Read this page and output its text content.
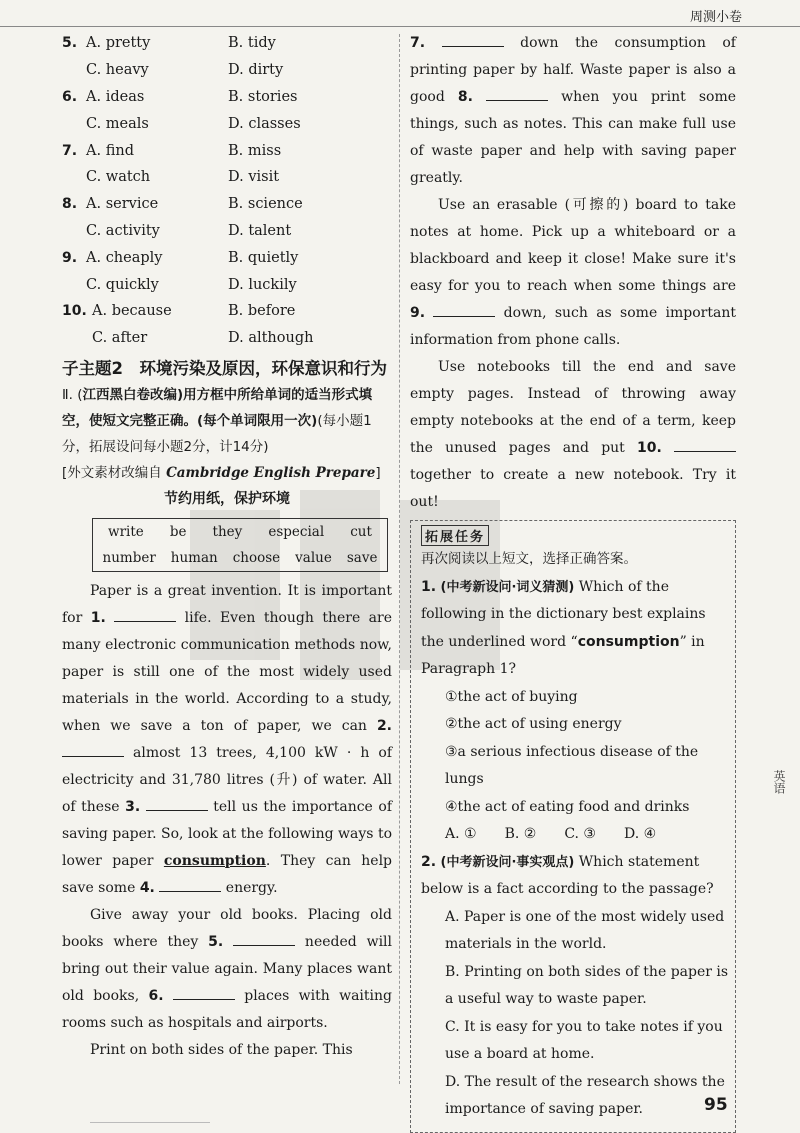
周测小卷
5. A. pretty	B. tidy
C. heavy	D. dirty
6. A. ideas	B. stories
C. meals	D. classes
7. A. find	B. miss
C. watch	D. visit
8. A. service	B. science
C. activity	D. talent
9. A. cheaply	B. quietly
C. quickly	D. luckily
10. A. because	B. before
C. after	D. although
子主题2　环境污染及原因，环保意识和行为
Ⅱ. (江西黑白卷改编)用方框中所给单词的适当形式填空，使短文完整正确。(每个单词限用一次)(每小题1分，拓展设问每小题2分，计14分)
[外文素材改编自 Cambridge English Prepare]
节约用纸，保护环境
write be they especial cut
number human choose value save
Paper is a great invention. It is important for 1.	life. Even though there are many electronic communication methods now, paper is still one of the most widely used materials in the world. According to a study, when we save a ton of paper, we can 2.  almost 13 trees, 4,100 kW · h of electricity and 31,780 litres (升) of water. All of these 3.	tell us the importance of saving paper. So, look at the following ways to lower paper consumption. They can help save some 4.	energy.
Give away your old books. Placing old books where they 5.	needed will bring out their value again. Many places want old books, 6.	places with waiting rooms such as hospitals and airports.
Print on both sides of the paper. This
7.	down the consumption of printing paper by half. Waste paper is also a good 8.	when you print some things, such as notes. This can make full use of waste paper and help with saving paper greatly.
Use an erasable (可擦的) board to take notes at home. Pick up a whiteboard or a blackboard and keep it close! Make sure it's easy for you to reach when some things are 9.	down, such as some important information from phone calls.
Use notebooks till the end and save empty pages. Instead of throwing away empty notebooks at the end of a term, keep the unused pages and put 10.  together to create a new notebook. Try it out!
拓展任务
再次阅读以上短文，选择正确答案。
1. (中考新设问·词义猜测) Which of the following in the dictionary best explains the underlined word “consumption” in Paragraph 1?
①the act of buying
②the act of using energy
③a serious infectious disease of the lungs
④the act of eating food and drinks
A. ① B. ② C. ③ D. ④
2. (中考新设问·事实观点) Which statement below is a fact according to the passage?
A. Paper is one of the most widely used materials in the world.
B. Printing on both sides of the paper is a useful way to waste paper.
C. It is easy for you to take notes if you use a board at home.
D. The result of the research shows the importance of saving paper.
英语
95
